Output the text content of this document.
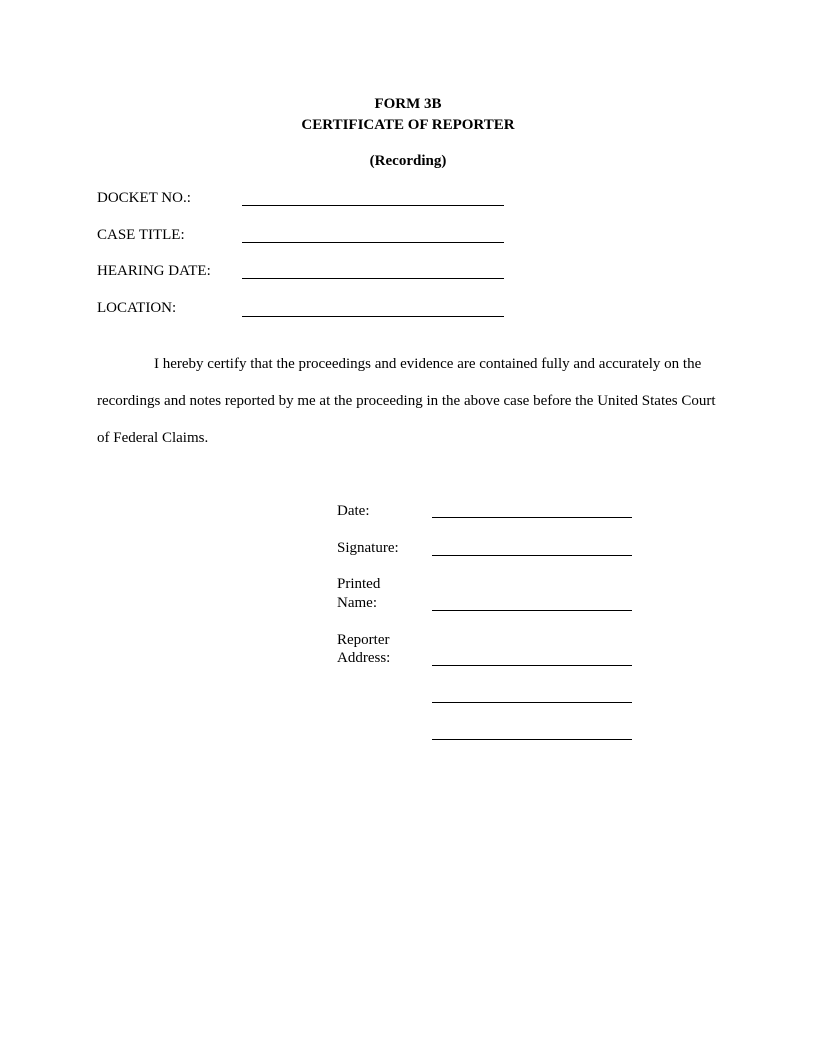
FORM 3B
CERTIFICATE OF REPORTER
(Recording)
DOCKET NO.:
CASE TITLE:
HEARING DATE:
LOCATION:
I hereby certify that the proceedings and evidence are contained fully and accurately on the recordings and notes reported by me at the proceeding in the above case before the United States Court of Federal Claims.
Date:
Signature:
Printed
Name:
Reporter
Address:
